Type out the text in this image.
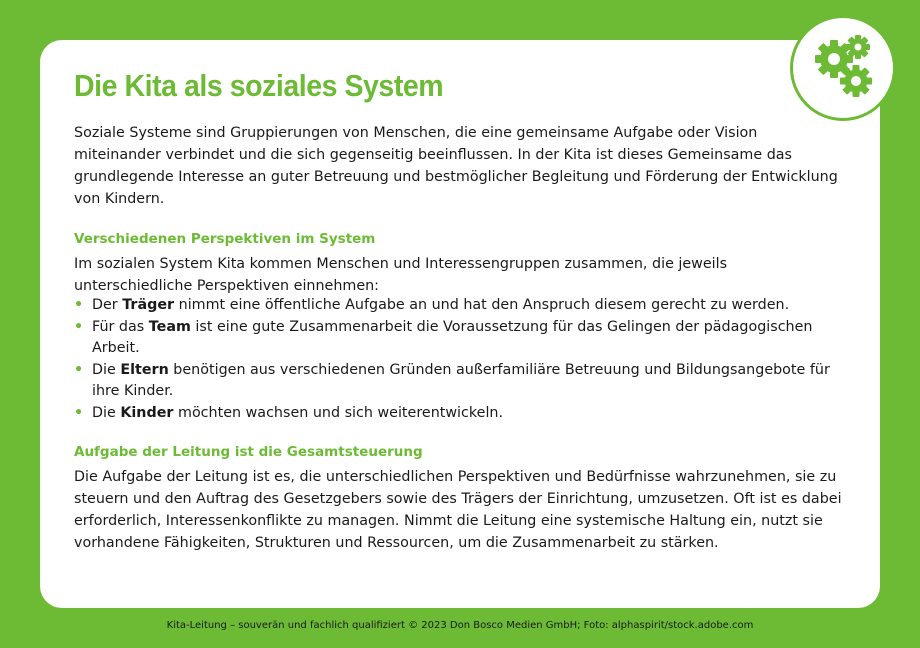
Die Kita als soziales System

Soziale Systeme sind Gruppierungen von Menschen, die eine gemeinsame Aufgabe oder Vision miteinander verbindet und die sich gegenseitig beeinflussen. In der Kita ist dieses Gemeinsame das grundlegende Interesse an guter Betreuung und bestmöglicher Begleitung und Förderung der Entwicklung von Kindern.

Verschiedenen Perspektiven im System

Im sozialen System Kita kommen Menschen und Interessengruppen zusammen, die jeweils unterschiedliche Perspektiven einnehmen:

• Der Träger nimmt eine öffentliche Aufgabe an und hat den Anspruch diesem gerecht zu werden.
• Für das Team ist eine gute Zusammenarbeit die Voraussetzung für das Gelingen der pädagogischen Arbeit.
• Die Eltern benötigen aus verschiedenen Gründen außerfamiliäre Betreuung und Bildungsangebote für ihre Kinder.
• Die Kinder möchten wachsen und sich weiterentwickeln.
Aufgabe der Leitung ist die Gesamtsteuerung

Die Aufgabe der Leitung ist es, die unterschiedlichen Perspektiven und Bedürfnisse wahrzunehmen, sie zu steuern und den Auftrag des Gesetzgebers sowie des Trägers der Einrichtung, umzusetzen. Oft ist es dabei erforderlich, Interessenkonflikte zu managen. Nimmt die Leitung eine systemische Haltung ein, nutzt sie vorhandene Fähigkeiten, Strukturen und Ressourcen, um die Zusammenarbeit zu stärken.

Kita-Leitung – souverän und fachlich qualifiziert © 2023 Don Bosco Medien GmbH; Foto: alphaspirit/stock.adobe.com
